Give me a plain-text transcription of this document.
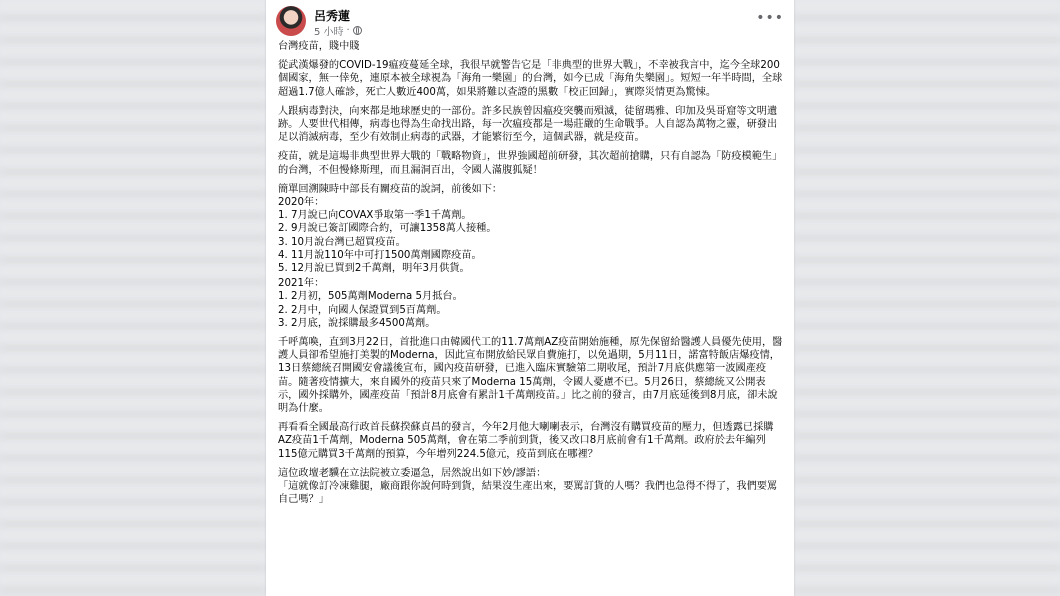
呂秀蓮
5 小時 ·
•••

台灣疫苗，賤中賤

從武漢爆發的COVID-19瘟疫蔓延全球，我很早就警告它是「非典型的世界大戰」，不幸被我言中，迄今全球200個國家，無一倖免，連原本被全球視為「海角一樂園」的台灣，如今已成「海角失樂園」。短短一年半時間，全球超過1.7億人確診，死亡人數近400萬，如果將難以查證的黑數「校正回歸」，實際災情更為驚悚。

人跟病毒對決，向來都是地球歷史的一部份。許多民族曾因瘟疫突襲而殞滅，徒留瑪雅、印加及吳哥窟等文明遺跡。人要世代相傳，病毒也得為生命找出路，每一次瘟疫都是一場莊嚴的生命戰爭。人自認為萬物之靈，研發出足以消滅病毒，至少有效制止病毒的武器，才能繁衍至今，這個武器，就是疫苗。

疫苗，就是這場非典型世界大戰的「戰略物資」，世界強國超前研發，其次超前搶購，只有自認為「防疫模範生」的台灣，不但慢條斯理，而且漏洞百出，令國人滿腹狐疑！

簡單回溯陳時中部長有關疫苗的說詞，前後如下：
2020年：
1. 7月說已向COVAX爭取第一季1千萬劑。
2. 9月說已簽訂國際合約，可讓1358萬人接種。
3. 10月說台灣已超買疫苗。
4. 11月說110年中可打1500萬劑國際疫苗。
5. 12月說已買到2千萬劑，明年3月供貨。

2021年：
1. 2月初，505萬劑Moderna 5月抵台。
2. 2月中，向國人保證買到5百萬劑。
3. 2月底，說採購最多4500萬劑。

千呼萬喚，直到3月22日，首批進口由韓國代工的11.7萬劑AZ疫苗開始施種，原先保留給醫護人員優先使用，醫護人員卻希望施打美製的Moderna，因此宣布開放給民眾自費施打，以免過期，5月11日，諾富特飯店爆疫情，13日蔡總統召開國安會議後宣布，國內疫苗研發，已進入臨床實驗第二期收尾，預計7月底供應第一波國產疫苗。隨著疫情擴大，來自國外的疫苗只來了Moderna 15萬劑，令國人憂慮不已。5月26日，蔡總統又公開表示，國外採購外，國產疫苗「預計8月底會有累計1千萬劑疫苗。」比之前的發言，由7月底延後到8月底，卻未說明為什麼。

再看看全國最高行政首長蘇揆蘇貞昌的發言，今年2月他大喇喇表示，台灣沒有購買疫苗的壓力，但透露已採購AZ疫苗1千萬劑，Moderna 505萬劑，會在第二季前到貨，後又改口8月底前會有1千萬劑。政府於去年編列115億元購買3千萬劑的預算，今年增列224.5億元，疫苗到底在哪裡？

這位政壇老驥在立法院被立委逼急，居然說出如下妙/謬語：
「這就像訂冷凍雞腿，廠商跟你說何時到貨，結果沒生產出來，要罵訂貨的人嗎？我們也急得不得了，我們要罵自己嗎？」
